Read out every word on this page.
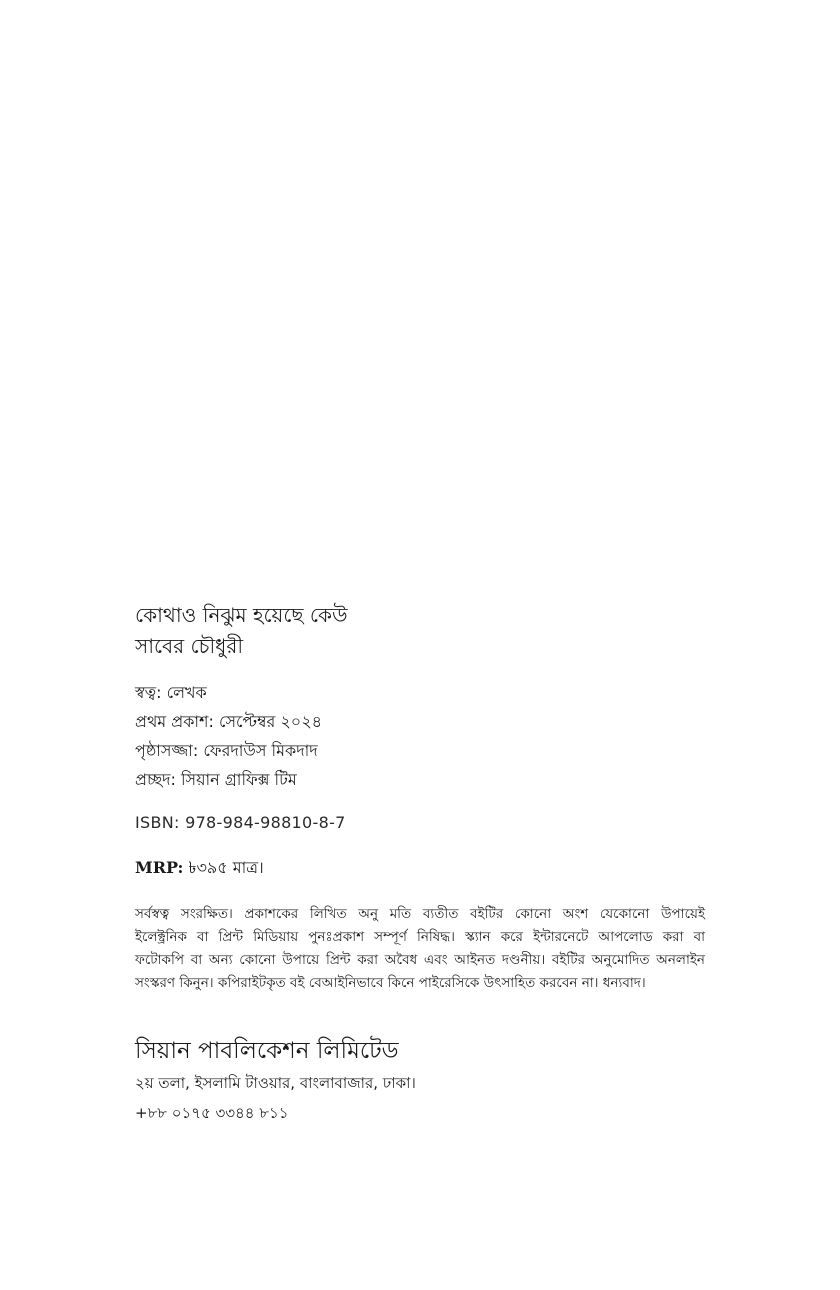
কোথাও নিঝুম হয়েছে কেউ
সাবের চৌধুরী
স্বত্ব: লেখক
প্রথম প্রকাশ: সেপ্টেম্বর ২০২৪
পৃষ্ঠাসজ্জা: ফেরদাউস মিকদাদ
প্রচ্ছদ: সিয়ান গ্রাফিক্স টিম
ISBN: 978-984-98810-8-7
MRP: ৳৩৯৫ মাত্র।
সর্বস্বত্ব সংরক্ষিত। প্রকাশকের লিখিত অনু মতি ব্যতীত বইটির কোনো অংশ যেকোনো উপায়েই
ইলেক্ট্রনিক বা প্রিন্ট মিডিয়ায় পুনঃপ্রকাশ সম্পূর্ণ নিষিদ্ধ। স্ক্যান করে ইন্টারনেটে আপলোড করা বা
ফটোকপি বা অন্য কোনো উপায়ে প্রিন্ট করা অবৈধ এবং আইনত দণ্ডনীয়। বইটির অনুমোদিত অনলাইন
সংস্করণ কিনুন। কপিরাইটকৃত বই বেআইনিভাবে কিনে পাইরেসিকে উৎসাহিত করবেন না। ধন্যবাদ।
সিয়ান পাবলিকেশন লিমিটেড
২য় তলা, ইসলামি টাওয়ার, বাংলাবাজার, ঢাকা।
+৮৮ ০১৭৫ ৩৩৪৪ ৮১১
